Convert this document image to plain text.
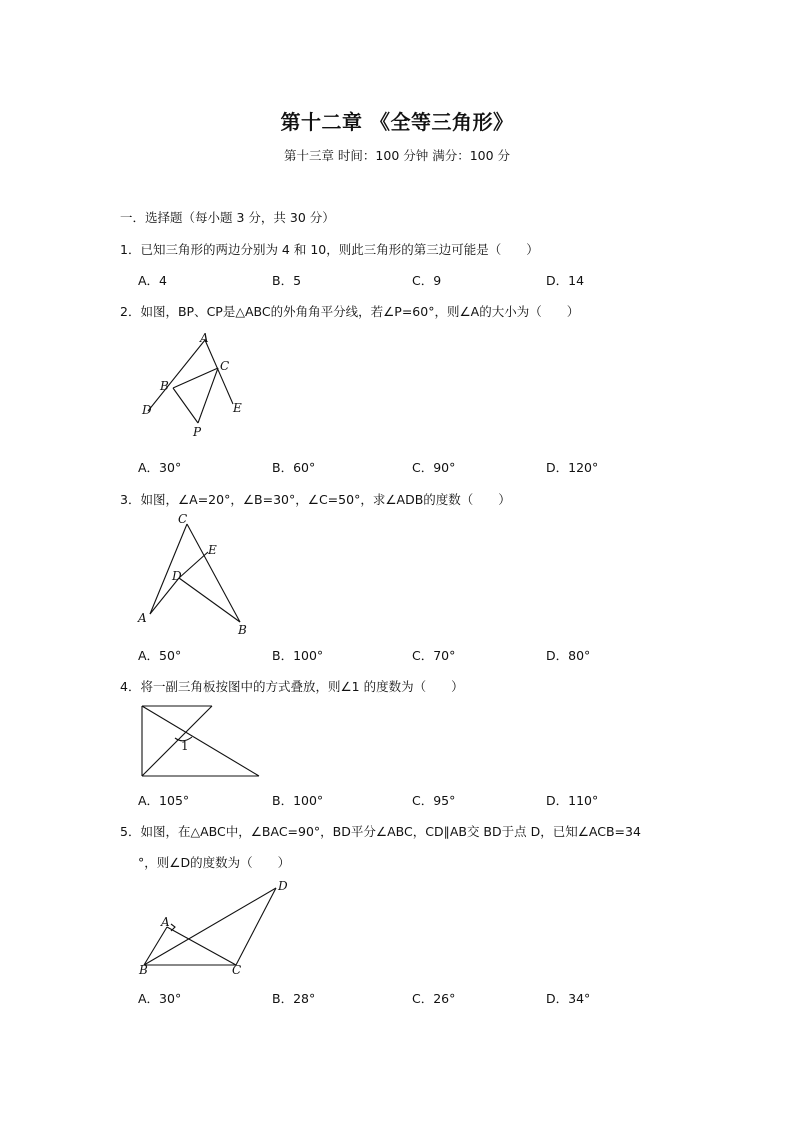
第十二章 《全等三角形》
第十三章 时间：100 分钟 满分：100 分
一．选择题（每小题 3 分，共 30 分）
1．已知三角形的两边分别为 4 和 10，则此三角形的第三边可能是（　　）
A．4	B．5	C．9	D．14
2．如图，BP、CP是△ABC的外角角平分线，若∠P=60°，则∠A的大小为（　　）
A
B
C
D	E
P
A．30°	B．60°	C．90°	D．120°
3．如图，∠A=20°，∠B=30°，∠C=50°，求∠ADB的度数（　　）
C
E
D
A
B
A．50°	B．100°	C．70°	D．80°
4．将一副三角板按图中的方式叠放，则∠1 的度数为（　　）
1
A．105°	B．100°	C．95°	D．110°
5．如图，在△ABC中，∠BAC=90°，BD平分∠ABC，CD∥AB交 BD于点 D，已知∠ACB=34
°，则∠D的度数为（　　）
A
D
B	C
A．30°	B．28°	C．26°	D．34°
